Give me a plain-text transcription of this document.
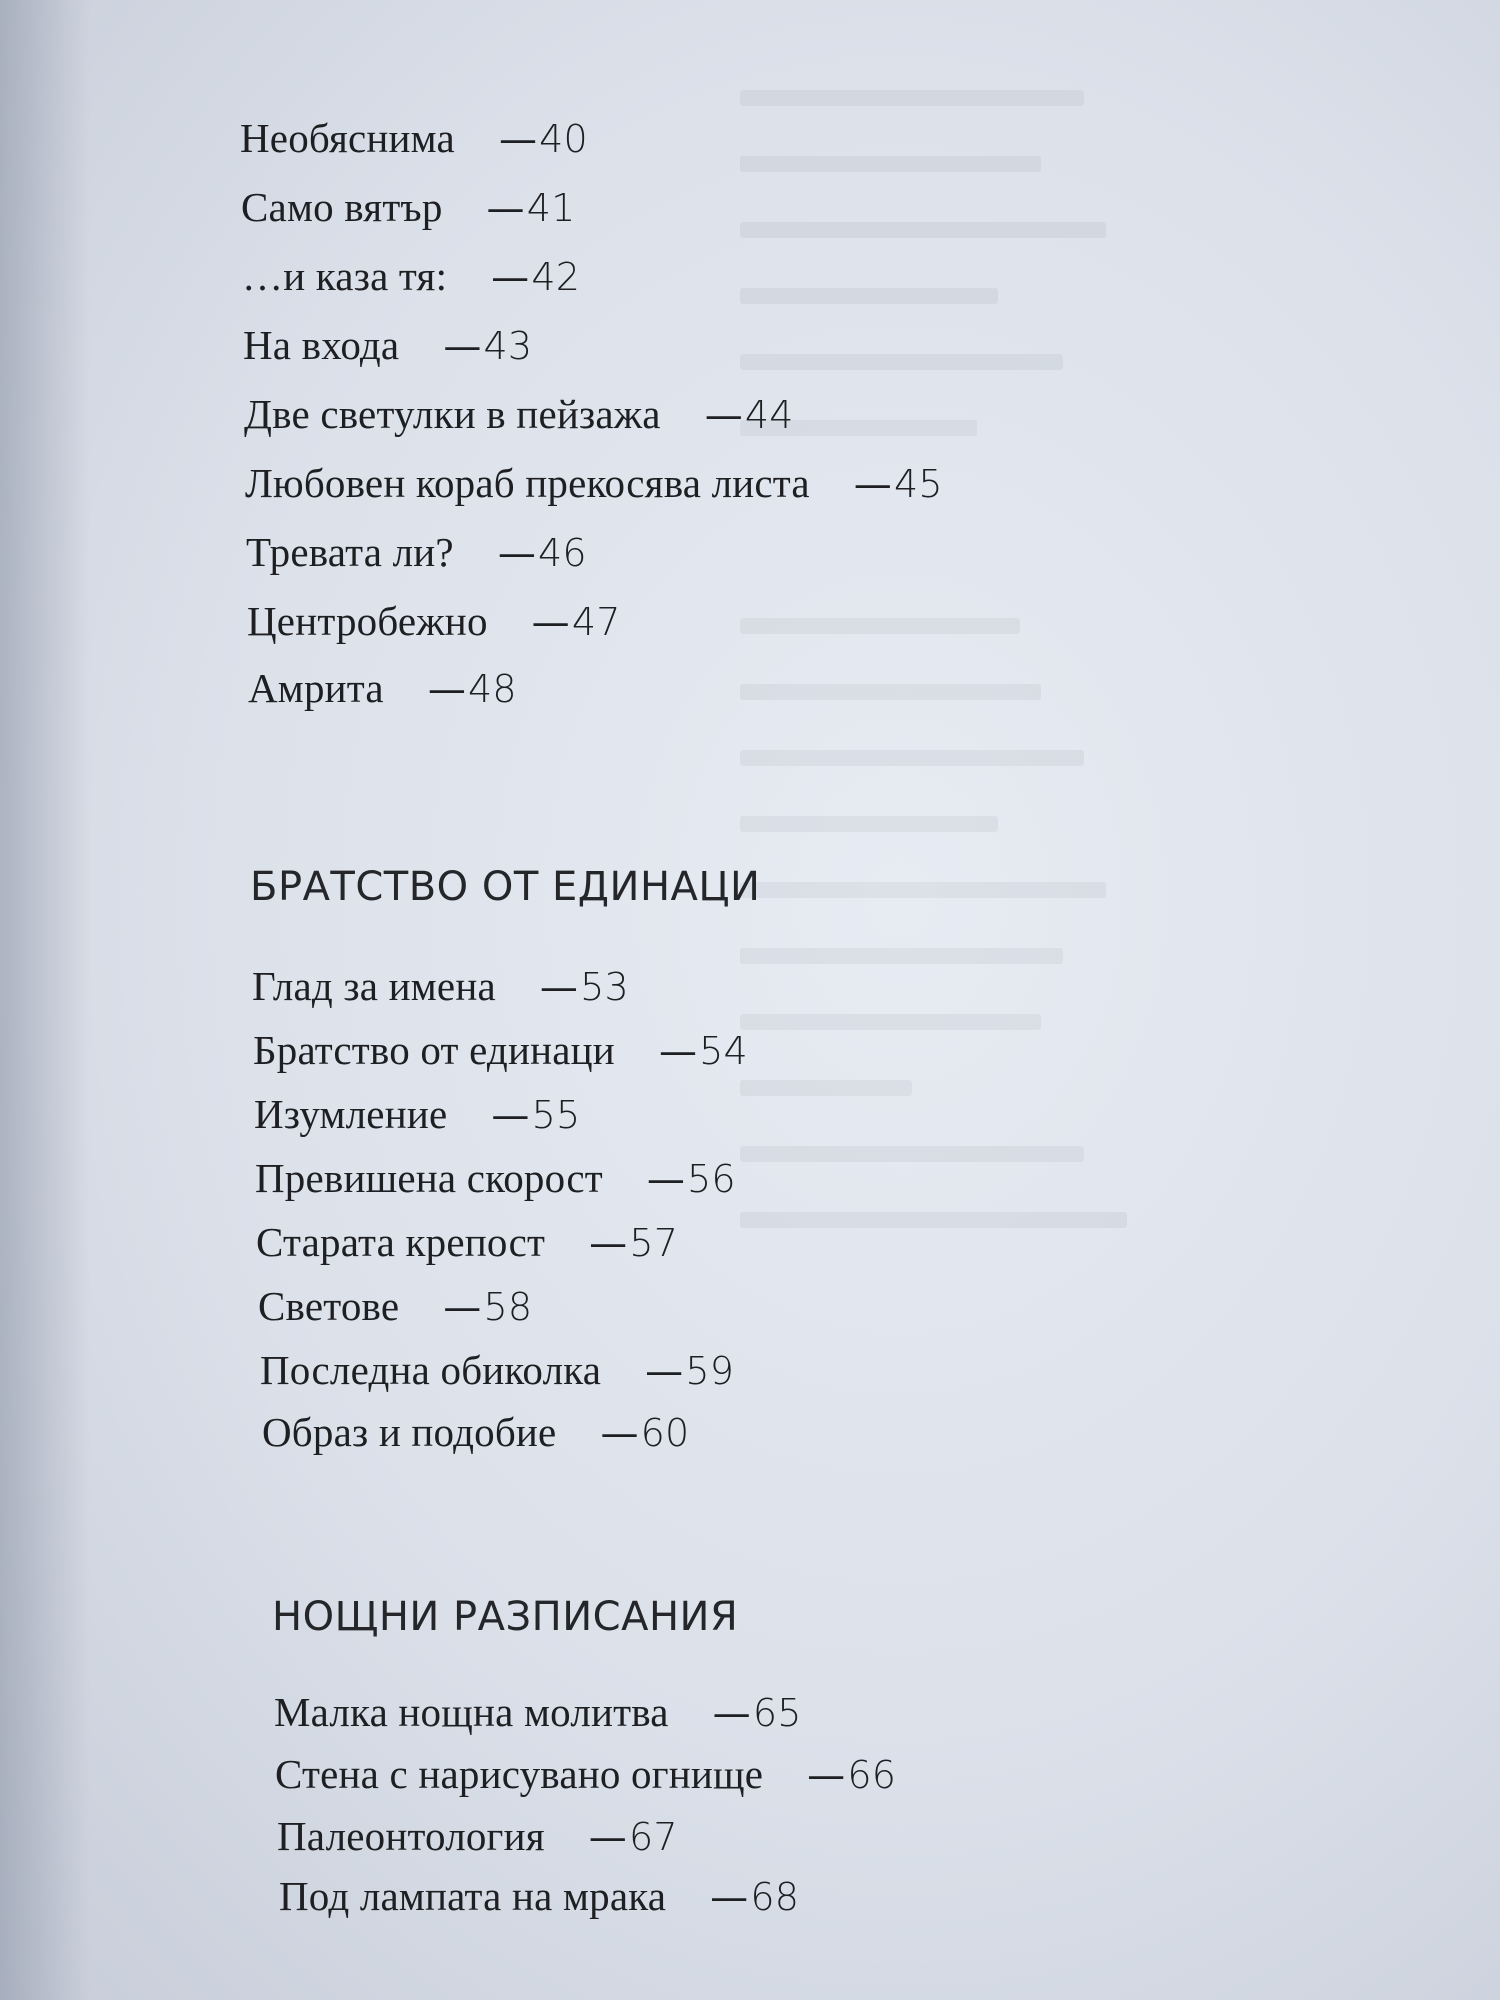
Необяснима —40
Само вятър —41
…и каза тя: —42
На входа —43
Две светулки в пейзажа —44
Любовен кораб прекосява листа —45
Тревата ли? —46
Центробежно —47
Амрита —48
БРАТСТВО ОТ ЕДИНАЦИ
Глад за имена —53
Братство от единаци —54
Изумление —55
Превишена скорост —56
Старата крепост —57
Светове —58
Последна обиколка —59
Образ и подобие —60
НОЩНИ РАЗПИСАНИЯ
Малка нощна молитва —65
Стена с нарисувано огнище —66
Палеонтология —67
Под лампата на мрака —68
